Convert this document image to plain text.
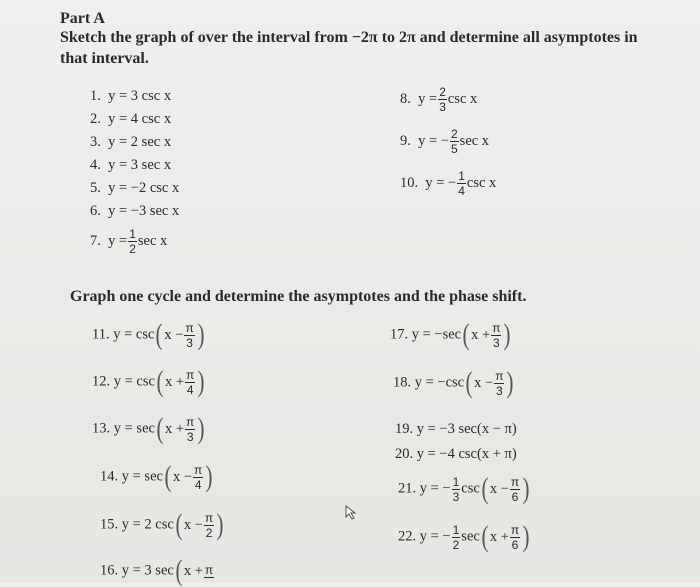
Part A
Sketch the graph of over the interval from −2π to 2π and determine all asymptotes in
that interval.
1. y = 3 csc x
2. y = 4 csc x
3. y = 2 sec x
4. y = 3 sec x
5. y = −2 csc x
6. y = −3 sec x
7. $y = \frac{1}{2}$ sec x
8. $y = \frac{2}{3}$ csc x
9. y = − $\frac{2}{5}$ sec x
10. y = − $\frac{1}{4}$ csc x
Graph one cycle and determine the asymptotes and the phase shift.
11. y = csc( $x - \frac{\pi}{3}$ )
12. y = csc( $x + \frac{\pi}{4}$ )
13. y = sec( $x + \frac{\pi}{3}$ )
14. y = sec( $x - \frac{\pi}{4}$ )
15. y = 2 csc( $x - \frac{\pi}{2}$ )
16. y = 3 sec( x + π
17. y = −sec( $x + \frac{\pi}{3}$ )
18. y = −csc( $x - \frac{\pi}{3}$ )
19. y = −3 sec(x − π)
20. y = −4 csc(x + π)
21. y = − $\frac{1}{3} \csc$( $x - \frac{\pi}{6}$ )
22. y = − $\frac{1}{2} \sec$( $x + \frac{\pi}{6}$ )
